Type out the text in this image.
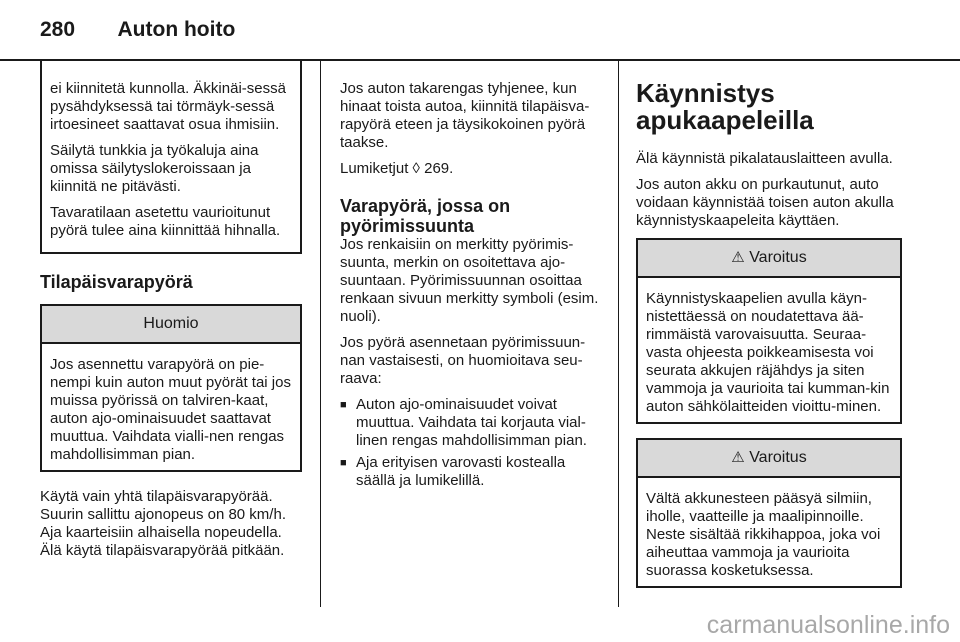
280 Auton hoito

ei kiinnitetä kunnolla. Äkkinäi-sessä pysähdyksessä tai törmäyk-sessä irtoesineet saattavat osua ihmisiin.

Säilytä tunkkia ja työkaluja aina omissa säilytyslokeroissaan ja kiinnitä ne pitävästi.

Tavaratilaan asetettu vaurioitunut pyörä tulee aina kiinnittää hihnalla.

Tilapäisvarapyörä
Huomio
Jos asennettu varapyörä on pie-nempi kuin auton muut pyörät tai jos muissa pyörissä on talviren-kaat, auton ajo-ominaisuudet saattavat muuttua. Vaihdata vialli-nen rengas mahdollisimman pian.

Käytä vain yhtä tilapäisvarapyörää. Suurin sallittu ajonopeus on 80 km/h. Aja kaarteisiin alhaisella nopeudella. Älä käytä tilapäisvarapyörää pitkään.

Jos auton takarengas tyhjenee, kun hinaat toista autoa, kiinnitä tilapäisva-rapyörä eteen ja täysikokoinen pyörä taakse.

Lumiketjut ◊ 269.

Varapyörä, jossa on pyörimissuunta

Jos renkaisiin on merkitty pyörimis-suunta, merkin on osoitettava ajo-suuntaan. Pyörimissuunnan osoittaa renkaan sivuun merkitty symboli (esim. nuoli).

Jos pyörä asennetaan pyörimissuun-nan vastaisesti, on huomioitava seu-raava:

■ Auton ajo-ominaisuudet voivat muuttua. Vaihdata tai korjauta vial-linen rengas mahdollisimman pian.
■ Aja erityisen varovasti kostealla säällä ja lumikelillä.
Käynnistys apukaapeleilla

Älä käynnistä pikalatauslaitteen avulla.

Jos auton akku on purkautunut, auto voidaan käynnistää toisen auton akulla käynnistyskaapeleita käyttäen.

⚠ Varoitus
Käynnistyskaapelien avulla käyn-nistettäessä on noudatettava ää-rimmäistä varovaisuutta. Seuraa-vasta ohjeesta poikkeamisesta voi seurata akkujen räjähdys ja siten vammoja ja vaurioita tai kumman-kin auton sähkölaitteiden vioittu-minen.
⚠ Varoitus
Vältä akkunesteen pääsyä silmiin, iholle, vaatteille ja maalipinnoille. Neste sisältää rikkihappoa, joka voi aiheuttaa vammoja ja vaurioita suorassa kosketuksessa.
carmanualsonline.info
